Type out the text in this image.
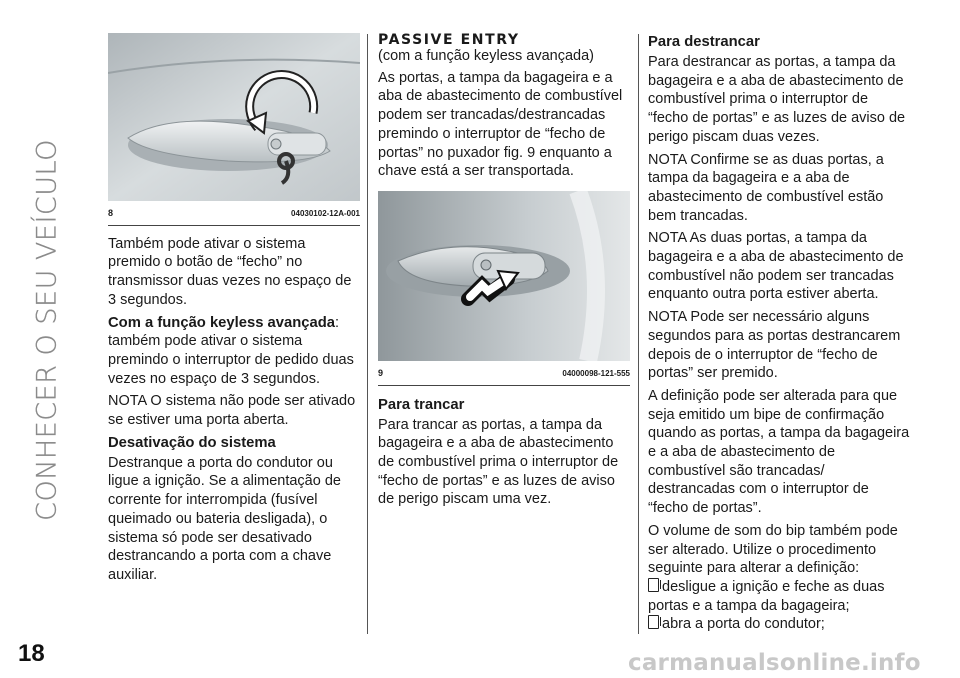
CONHECER O SEU VEÍCULO
18	carmanualsonline.info
8	04030102-12A-001

Também pode ativar o sistema premido o botão de “fecho” no transmissor duas vezes no espaço de 3 segundos.

Com a função keyless avançada: também pode ativar o sistema premindo o interruptor de pedido duas vezes no espaço de 3 segundos.

NOTA O sistema não pode ser ativado se estiver uma porta aberta.

Desativação do sistema

Destranque a porta do condutor ou ligue a ignição. Se a alimentação de corrente for interrompida (fusível queimado ou bateria desligada), o sistema só pode ser desativado destrancando a porta com a chave auxiliar.

PASSIVE ENTRY

(com a função keyless avançada)

As portas, a tampa da bagageira e a aba de abastecimento de combustível podem ser trancadas/destrancadas premindo o interruptor de “fecho de portas” no puxador fig. 9 enquanto a chave está a ser transportada.

9	04000098-121-555
Para trancar

Para trancar as portas, a tampa da bagageira e a aba de abastecimento de combustível prima o interruptor de “fecho de portas” e as luzes de aviso de perigo piscam uma vez.

Para destrancar

Para destrancar as portas, a tampa da bagageira e a aba de abastecimento de combustível prima o interruptor de “fecho de portas” e as luzes de aviso de perigo piscam duas vezes.

NOTA Confirme se as duas portas, a tampa da bagageira e a aba de abastecimento de combustível estão bem trancadas.

NOTA As duas portas, a tampa da bagageira e a aba de abastecimento de combustível não podem ser trancadas enquanto outra porta estiver aberta.

NOTA Pode ser necessário alguns segundos para as portas destrancarem depois de o interruptor de “fecho de portas” ser premido.

A definição pode ser alterada para que seja emitido um bipe de confirmação quando as portas, a tampa da bagageira e a aba de abastecimento de combustível são trancadas/ destrancadas com o interruptor de “fecho de portas”.

O volume de som do bip também pode ser alterado. Utilize o procedimento seguinte para alterar a definição:

desligue a ignição e feche as duas portas e a tampa da bagageira;

abra a porta do condutor;
